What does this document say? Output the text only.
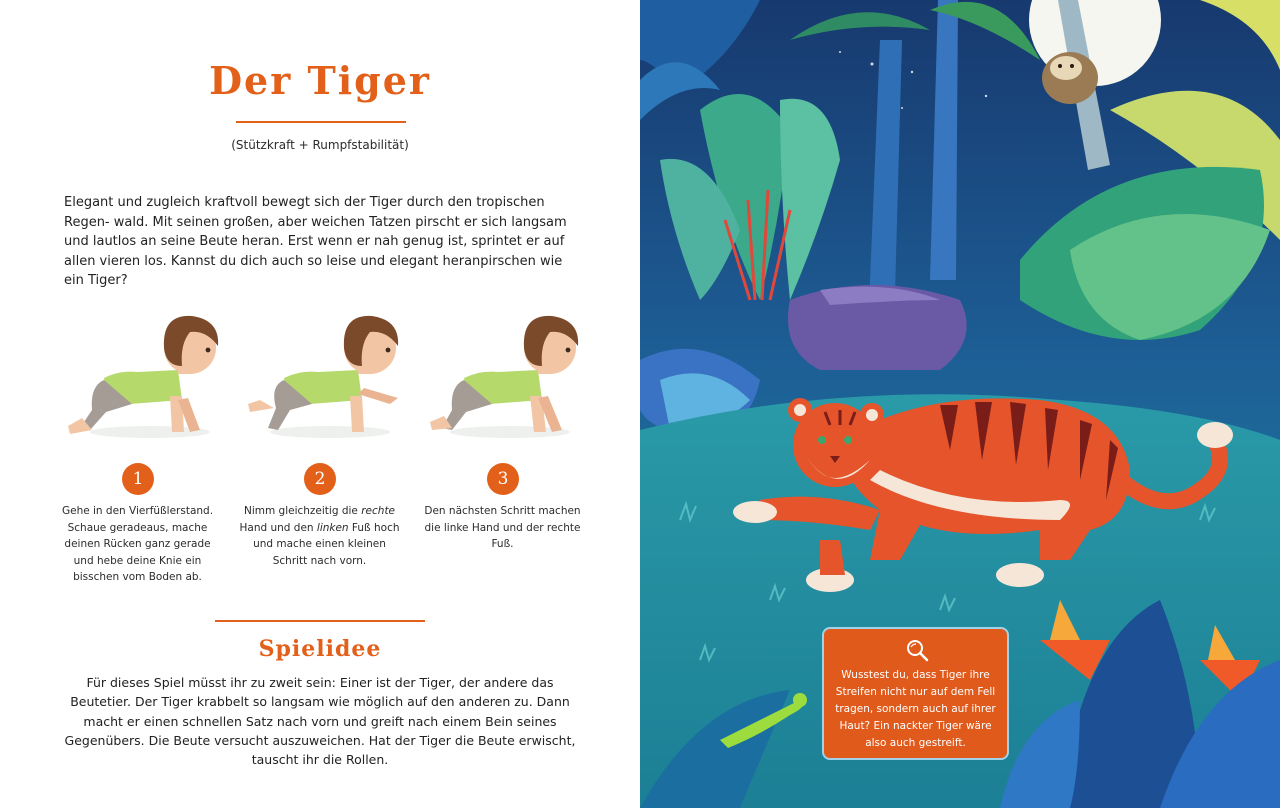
Der Tiger
(Stützkraft + Rumpfstabilität)

Elegant und zugleich kraftvoll bewegt sich der Tiger durch den tropischen Regen- wald. Mit seinen großen, aber weichen Tatzen pirscht er sich langsam und lautlos an seine Beute heran. Erst wenn er nah genug ist, sprintet er auf allen vieren los. Kannst du dich auch so leise und elegant heranpirschen wie ein Tiger?

1	2	3

Gehe in den Vierfüßlerstand. Schaue geradeaus, mache deinen Rücken ganz gerade und hebe deine Knie ein bisschen vom Boden ab.

Nimm gleichzeitig die rechte Hand und den linken Fuß hoch und mache einen kleinen Schritt nach vorn.

Den nächsten Schritt machen die linke Hand und der rechte Fuß.

Spielidee

Für dieses Spiel müsst ihr zu zweit sein: Einer ist der Tiger, der andere das Beutetier. Der Tiger krabbelt so langsam wie möglich auf den anderen zu. Dann macht er einen schnellen Satz nach vorn und greift nach einem Bein seines Gegenübers. Die Beute versucht auszuweichen. Hat der Tiger die Beute erwischt, tauscht ihr die Rollen.

Wusstest du, dass Tiger ihre Streifen nicht nur auf dem Fell tragen, sondern auch auf ihrer Haut? Ein nackter Tiger wäre also auch gestreift.
